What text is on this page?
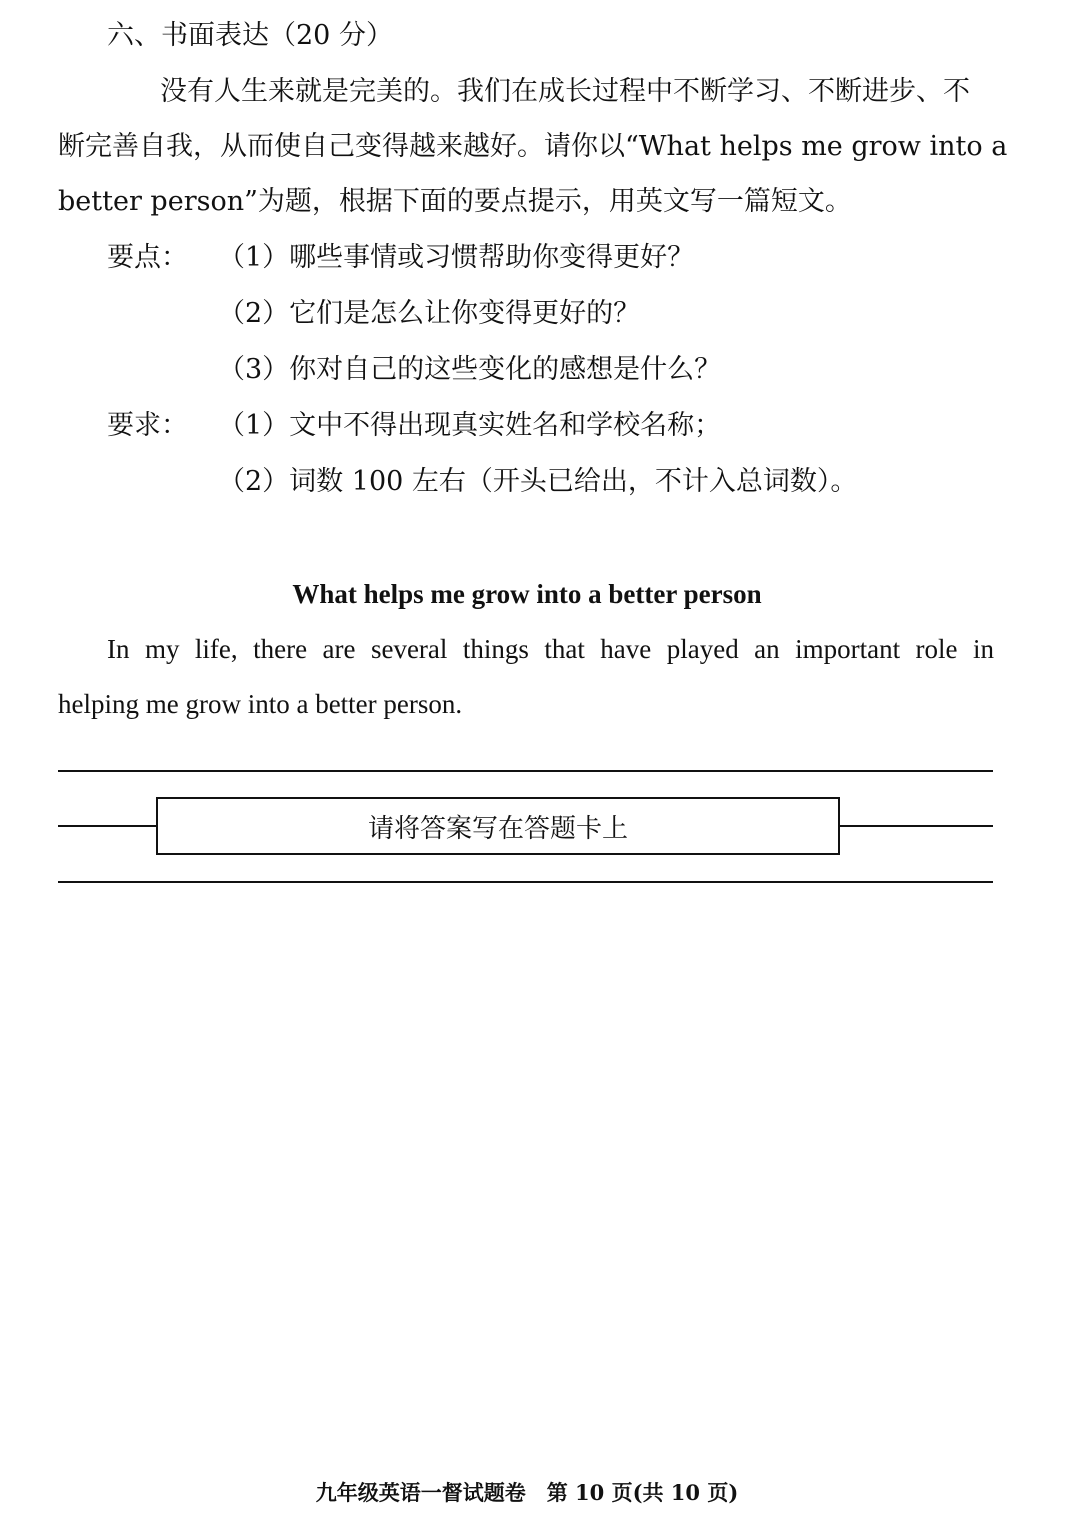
六、书面表达（20 分）
没有人生来就是完美的。我们在成长过程中不断学习、不断进步、不
断完善自我，从而使自己变得越来越好。请你以“What helps me grow into a
better person”为题，根据下面的要点提示，用英文写一篇短文。
要点： （1）哪些事情或习惯帮助你变得更好？
（2）它们是怎么让你变得更好的？
（3）你对自己的这些变化的感想是什么？
要求： （1）文中不得出现真实姓名和学校名称；
（2）词数 100 左右（开头已给出，不计入总词数）。
What helps me grow into a better person
In my life, there are several things that have played an important role in
helping me grow into a better person.
请将答案写在答题卡上
九年级英语一督试题卷　第 10 页(共 10 页)
